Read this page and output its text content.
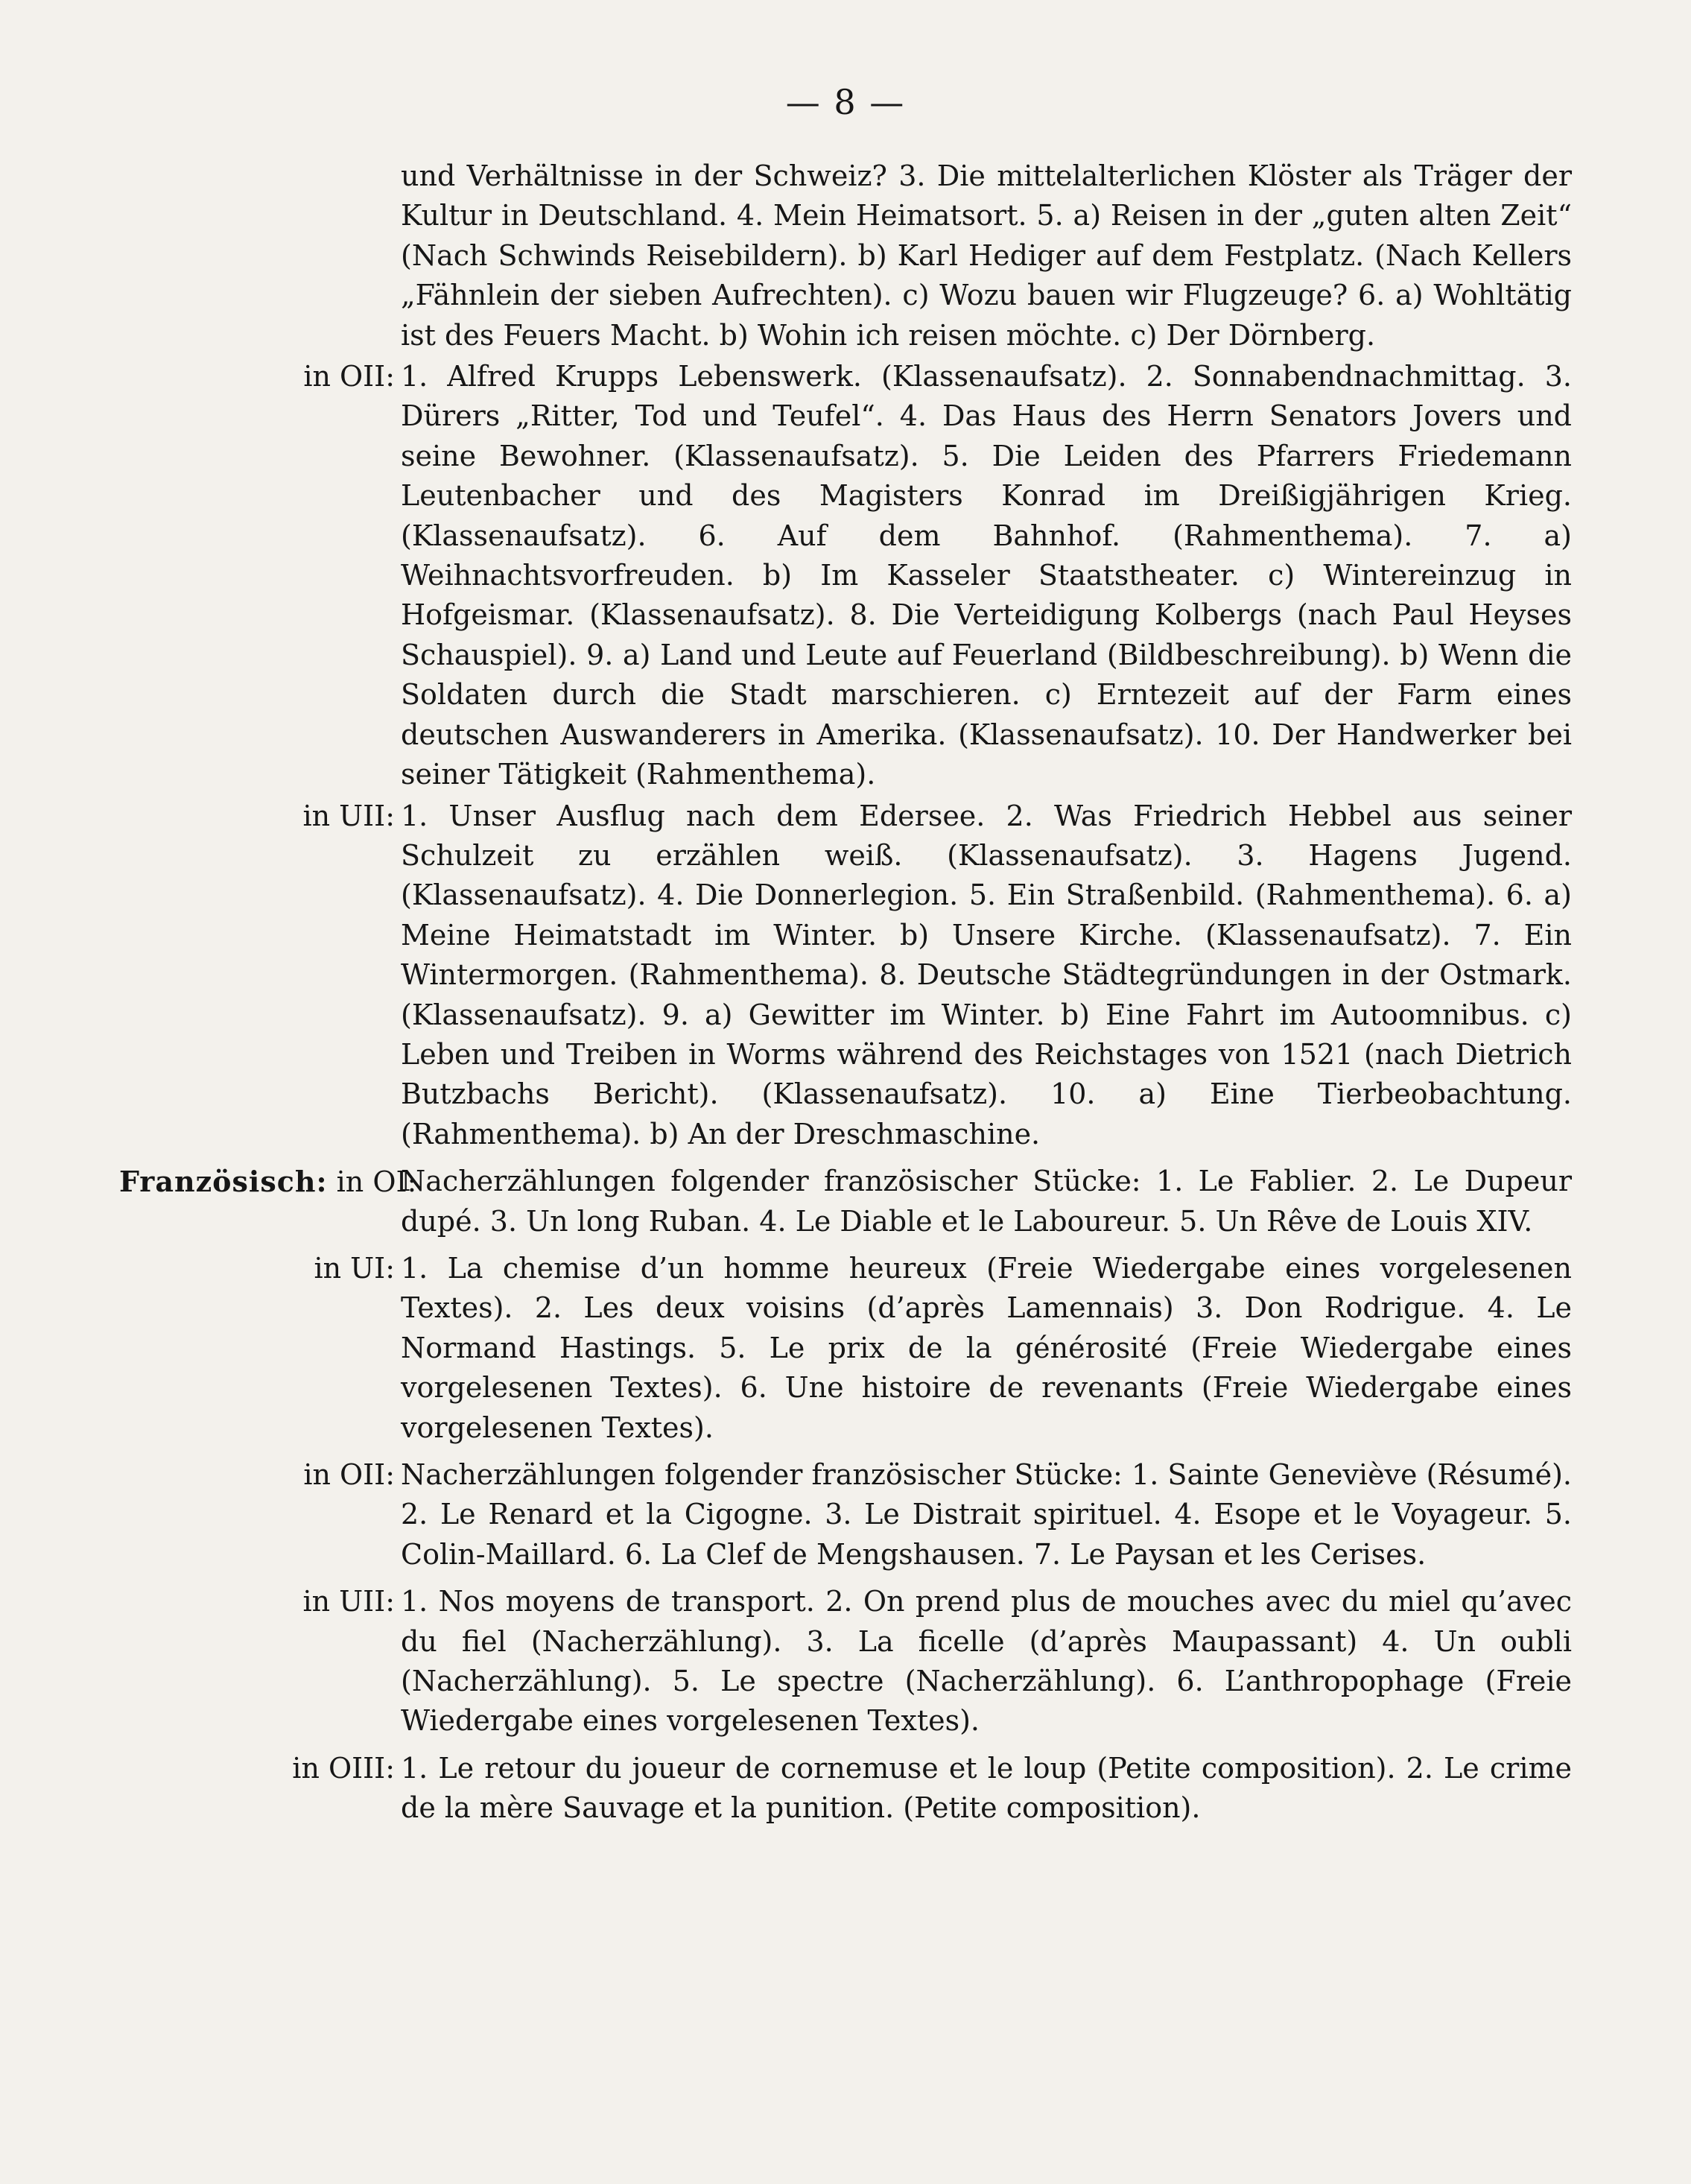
— 8 —
und Verhältnisse in der Schweiz? 3. Die mittelalterlichen Klöster als Träger der Kultur in Deutschland. 4. Mein Heimatsort. 5. a) Reisen in der „guten alten Zeit“ (Nach Schwinds Reisebildern). b) Karl Hediger auf dem Festplatz. (Nach Kellers „Fähnlein der sieben Aufrechten). c) Wozu bauen wir Flugzeuge? 6. a) Wohltätig ist des Feuers Macht. b) Wohin ich reisen möchte. c) Der Dörnberg.
in OII: 1. Alfred Krupps Lebenswerk. (Klassenaufsatz). 2. Sonnabendnachmittag. 3. Dürers „Ritter, Tod und Teufel“. 4. Das Haus des Herrn Senators Jovers und seine Bewohner. (Klassenaufsatz). 5. Die Leiden des Pfarrers Friedemann Leutenbacher und des Magisters Konrad im Dreißigjährigen Krieg. (Klassenaufsatz). 6. Auf dem Bahnhof. (Rahmenthema). 7. a) Weihnachtsvorfreuden. b) Im Kasseler Staatstheater. c) Wintereinzug in Hofgeismar. (Klassenaufsatz). 8. Die Verteidigung Kolbergs (nach Paul Heyses Schauspiel). 9. a) Land und Leute auf Feuerland (Bildbeschreibung). b) Wenn die Soldaten durch die Stadt marschieren. c) Erntezeit auf der Farm eines deutschen Auswanderers in Amerika. (Klassenaufsatz). 10. Der Handwerker bei seiner Tätigkeit (Rahmenthema).
in UII: 1. Unser Ausflug nach dem Edersee. 2. Was Friedrich Hebbel aus seiner Schulzeit zu erzählen weiß. (Klassenaufsatz). 3. Hagens Jugend. (Klassenaufsatz). 4. Die Donnerlegion. 5. Ein Straßenbild. (Rahmenthema). 6. a) Meine Heimatstadt im Winter. b) Unsere Kirche. (Klassenaufsatz). 7. Ein Wintermorgen. (Rahmenthema). 8. Deutsche Städtegründungen in der Ostmark. (Klassenaufsatz). 9. a) Gewitter im Winter. b) Eine Fahrt im Autoomnibus. c) Leben und Treiben in Worms während des Reichstages von 1521 (nach Dietrich Butzbachs Bericht). (Klassenaufsatz). 10. a) Eine Tierbeobachtung. (Rahmenthema). b) An der Dreschmaschine.
Französisch: in OI:
Nacherzählungen folgender französischer Stücke: 1. Le Fablier. 2. Le Dupeur dupé. 3. Un long Ruban. 4. Le Diable et le Laboureur. 5. Un Rêve de Louis XIV.
in UI: 1. La chemise d’un homme heureux (Freie Wiedergabe eines vorgelesenen Textes). 2. Les deux voisins (d’après Lamennais) 3. Don Rodrigue. 4. Le Normand Hastings. 5. Le prix de la générosité (Freie Wiedergabe eines vorgelesenen Textes). 6. Une histoire de revenants (Freie Wiedergabe eines vorgelesenen Textes).
in OII: Nacherzählungen folgender französischer Stücke: 1. Sainte Geneviève (Résumé). 2. Le Renard et la Cigogne. 3. Le Distrait spirituel. 4. Esope et le Voyageur. 5. Colin-Maillard. 6. La Clef de Mengshausen. 7. Le Paysan et les Cerises.
in UII: 1. Nos moyens de transport. 2. On prend plus de mouches avec du miel qu’avec du fiel (Nacherzählung). 3. La ficelle (d’après Maupassant) 4. Un oubli (Nacherzählung). 5. Le spectre (Nacherzählung). 6. L’anthropophage (Freie Wiedergabe eines vorgelesenen Textes).
in OIII: 1. Le retour du joueur de cornemuse et le loup (Petite composition). 2. Le crime de la mère Sauvage et la punition. (Petite composition).
